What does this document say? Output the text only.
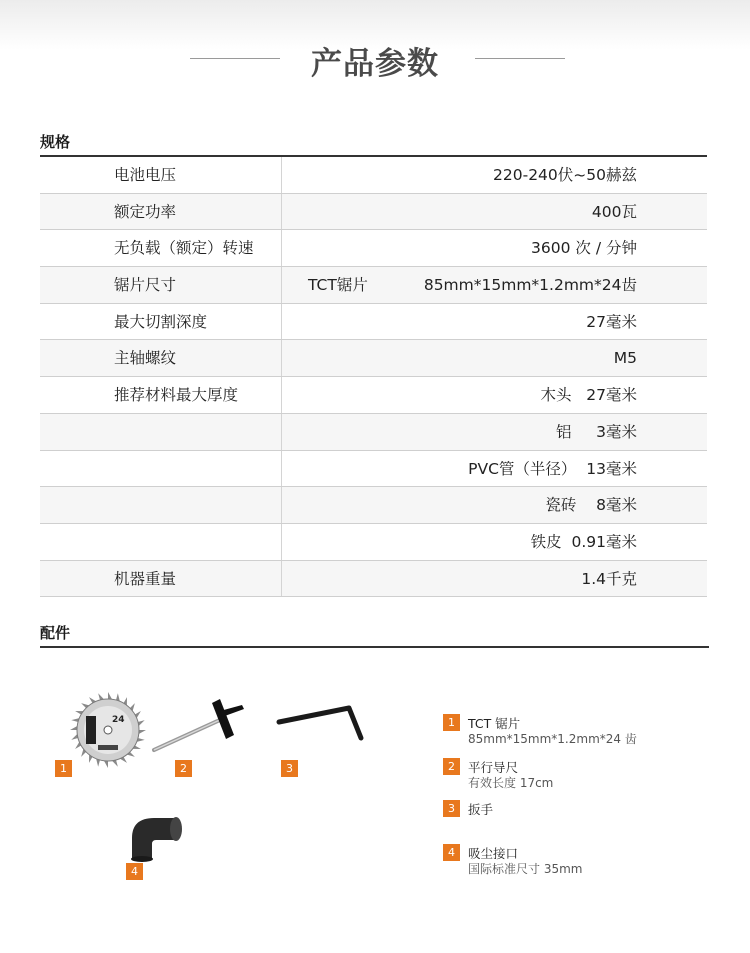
产品参数
规格
电池电压	220-240伏~50赫兹
额定功率	400瓦
无负载（额定）转速	3600 次 / 分钟
锯片尺寸	TCT锯片	85mm*15mm*1.2mm*24齿
最大切割深度	27毫米
主轴螺纹	M5
推荐材料最大厚度	木头   27毫米
铝     3毫米
PVC管（半径）  13毫米
瓷砖    8毫米
铁皮  0.91毫米
机器重量	1.4千克
配件
24
1	2	3
4
1	TCT 锯片
85mm*15mm*1.2mm*24 齿
2	平行导尺
有效长度 17cm
3	扳手
4	吸尘接口
国际标准尺寸 35mm
